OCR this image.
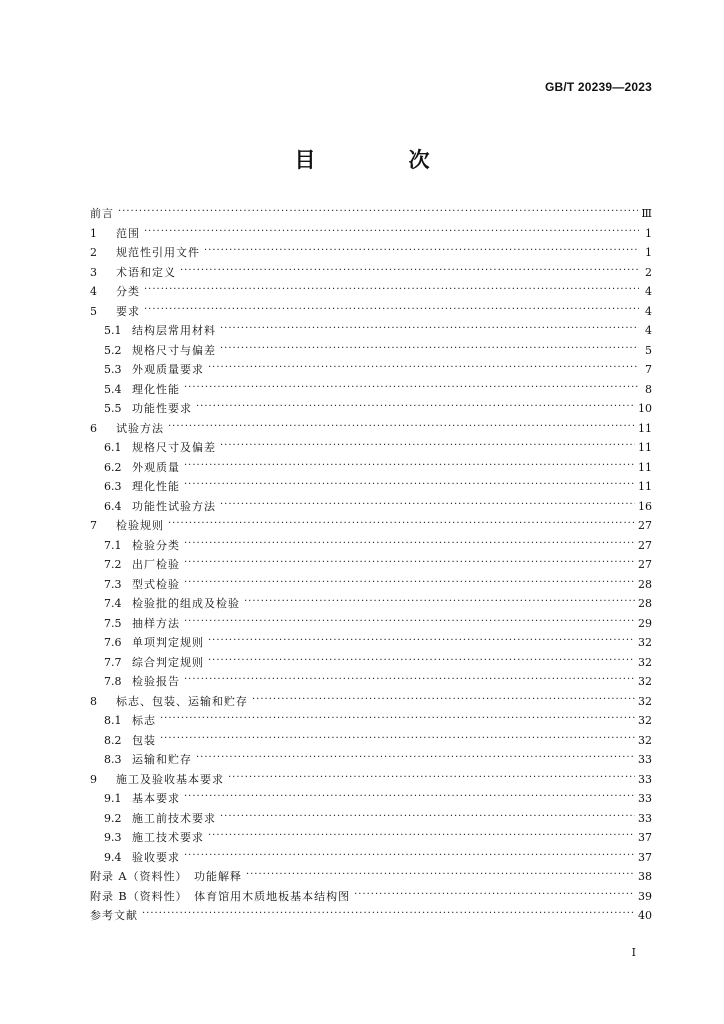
GB/T 20239—2023
目　次
前言 ·····	Ⅲ
1	范围 ·····	1
2	规范性引用文件 ·····	1
3	术语和定义 ·····	2
4	分类 ·····	4
5	要求 ·····	4
5.1 结构层常用材料 ·····	4
5.2 规格尺寸与偏差 ·····	5
5.3 外观质量要求 ·····	7
5.4 理化性能 ·····	8
5.5 功能性要求 ·····	10
6	试验方法 ·····	11
6.1 规格尺寸及偏差 ·····	11
6.2 外观质量 ·····	11
6.3 理化性能 ·····	11
6.4 功能性试验方法 ·····	16
7	检验规则 ·····	27
7.1 检验分类 ·····	27
7.2 出厂检验 ·····	27
7.3 型式检验 ·····	28
7.4 检验批的组成及检验 ·····	28
7.5 抽样方法 ·····	29
7.6 单项判定规则 ·····	32
7.7 综合判定规则 ·····	32
7.8 检验报告 ·····	32
8	标志、包装、运输和贮存 ·····	32
8.1 标志 ·····	32
8.2 包装 ·····	32
8.3 运输和贮存 ·····	33
9	施工及验收基本要求 ·····	33
9.1 基本要求 ·····	33
9.2 施工前技术要求 ·····	33
9.3 施工技术要求 ·····	37
9.4 验收要求 ·····	37
附录 A（资料性）　功能解释 ·····	38
附录 B（资料性）　体育馆用木质地板基本结构图 ·····	39
参考文献 ·····	40
Ⅰ
